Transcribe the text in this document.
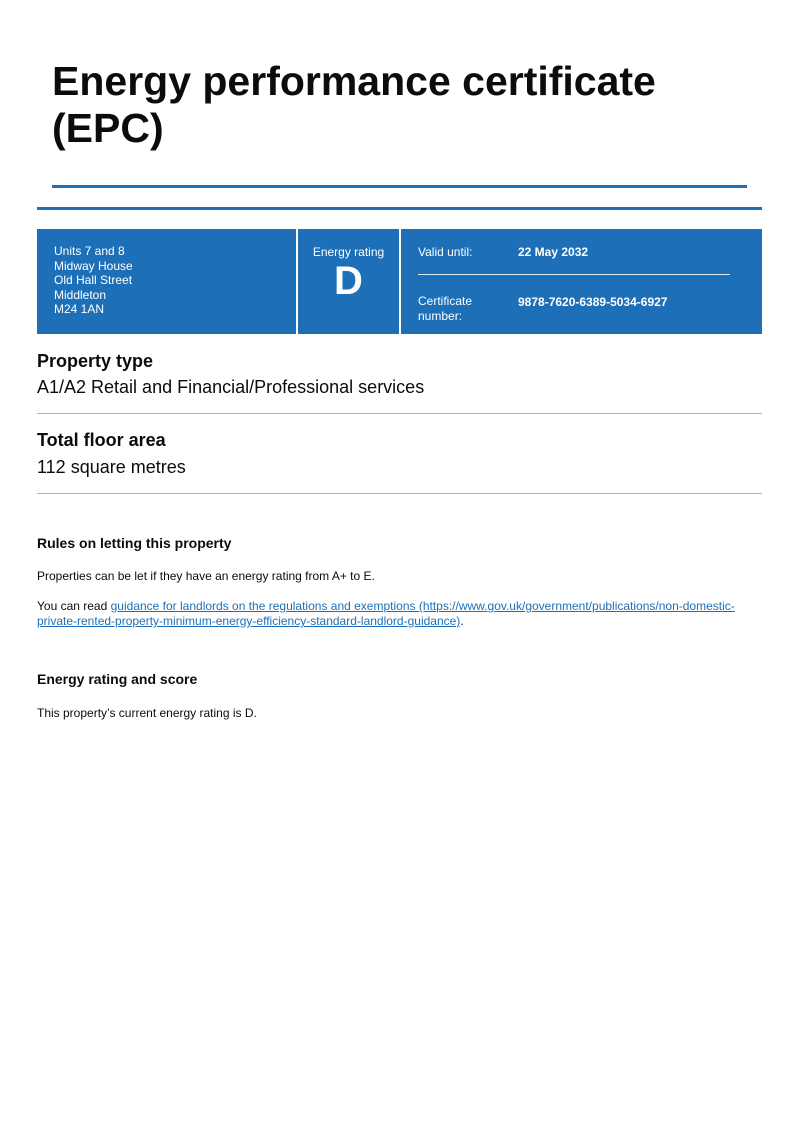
Energy performance certificate (EPC)
Units 7 and 8
Midway House
Old Hall Street
Middleton
M24 1AN
Energy rating
D
Valid until:	22 May 2032
Certificate
number:
9878-7620-6389-5034-6927
Property type

A1/A2 Retail and Financial/Professional services

Total floor area

112 square metres

Rules on letting this property

Properties can be let if they have an energy rating from A+ to E.

You can read guidance for landlords on the regulations and exemptions (https://www.gov.uk/government/publications/non-domestic-private-rented-property-minimum-energy-efficiency-standard-landlord-guidance).

Energy rating and score

This property’s current energy rating is D.
